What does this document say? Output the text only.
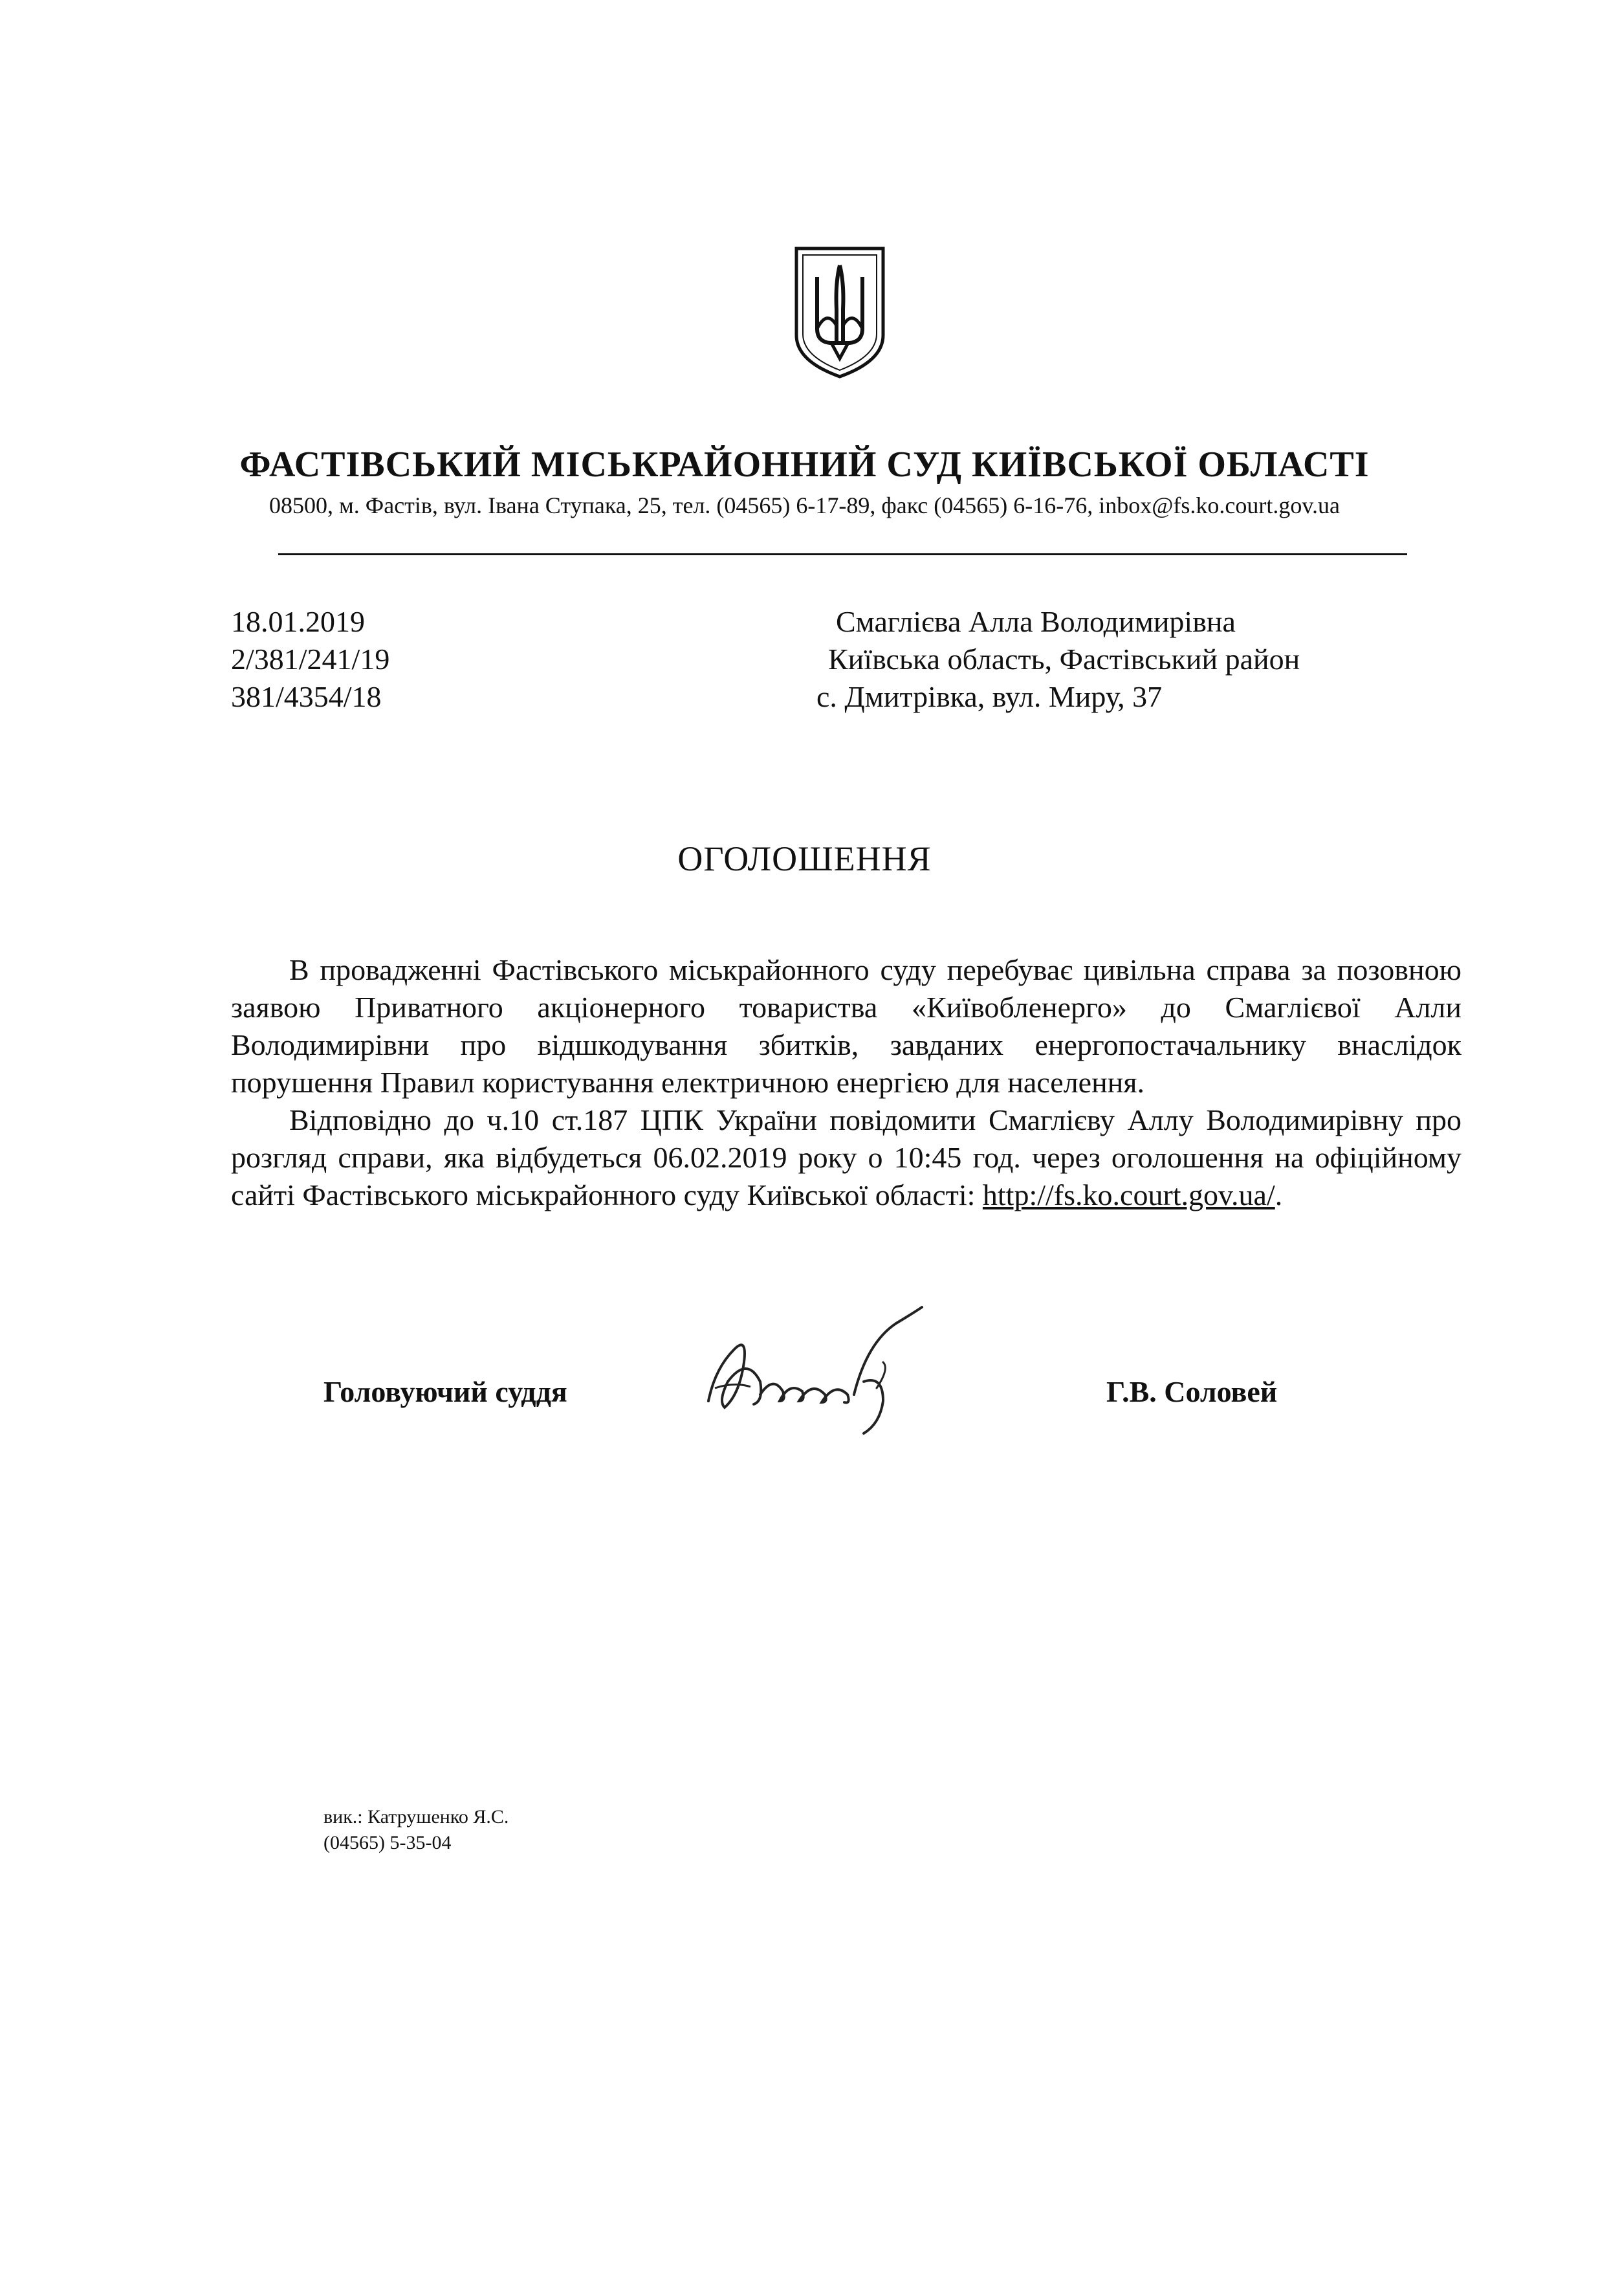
ФАСТІВСЬКИЙ МІСЬКРАЙОННИЙ СУД КИЇВСЬКОЇ ОБЛАСТІ
08500, м. Фастів, вул. Івана Ступака, 25, тел. (04565) 6-17-89, факс (04565) 6-16-76, inbox@fs.ko.court.gov.ua
18.01.2019
2/381/241/19
381/4354/18
Смаглієва Алла Володимирівна
Київська область, Фастівський район
с. Дмитрівка, вул. Миру, 37
ОГОЛОШЕННЯ

В провадженні Фастівського міськрайонного суду перебуває цивільна справа за позовною заявою Приватного акціонерного товариства «Київобленерго» до Смаглієвої Алли Володимирівни про відшкодування збитків, завданих енергопостачальнику внаслідок порушення Правил користування електричною енергією для населення.

Відповідно до ч.10 ст.187 ЦПК України повідомити Смаглієву Аллу Володимирівну про розгляд справи, яка відбудеться 06.02.2019 року о 10:45 год. через оголошення на офіційному сайті Фастівського міськрайонного суду Київської області: http://fs.ko.court.gov.ua/.

Головуючий суддя	Г.В. Соловей
вик.: Катрушенко Я.С.
(04565) 5-35-04
